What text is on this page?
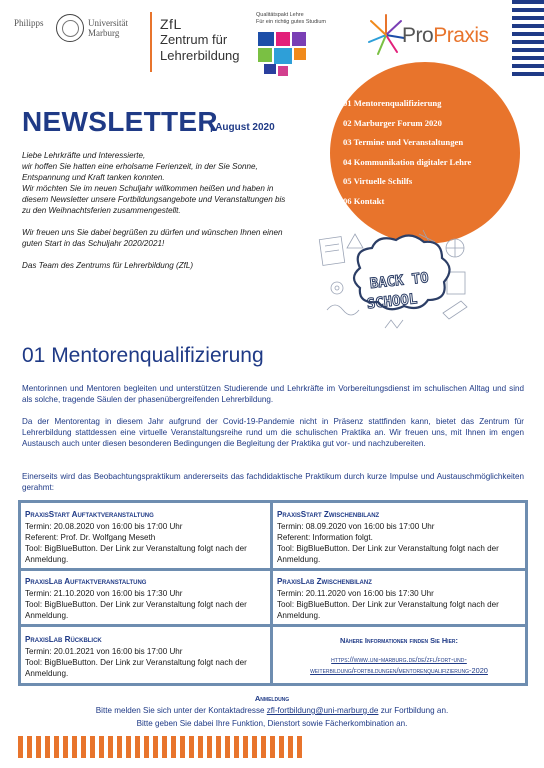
Philipps	Universität
Marburg
ZfL
Zentrum für
Lehrerbildung
Qualitätspakt Lehre
Für ein richtig gutes Studium
ProPraxis
NEWSLETTER
| August 2020

Liebe Lehrkräfte und Interessierte,
wir hoffen Sie hatten eine erholsame Ferienzeit, in der Sie Sonne,
Entspannung und Kraft tanken konnten.
Wir möchten Sie im neuen Schuljahr willkommen heißen und haben in
diesem Newsletter unsere Fortbildungsangebote und Veranstaltungen bis
zu den Weihnachtsferien zusammengestellt.

Wir freuen uns Sie dabei begrüßen zu dürfen und wünschen Ihnen einen
guten Start in das Schuljahr 2020/2021!

Das Team des Zentrums für Lehrerbildung (ZfL)

01 Mentorenqualifizierung
02 Marburger Forum 2020
03 Termine und Veranstaltungen
04 Kommunikation digitaler Lehre
05 Virtuelle Schilfs
06 Kontakt
BACK TO
SCHOOL
01 Mentorenqualifizierung
Mentorinnen und Mentoren begleiten und unterstützen Studierende und Lehrkräfte im Vorbereitungsdienst im schulischen Alltag und sind als solche, tragende Säulen der phasenübergreifenden Lehrerbildung.
Da der Mentorentag in diesem Jahr aufgrund der Covid-19-Pandemie nicht in Präsenz stattfinden kann, bietet das Zentrum für Lehrerbildung stattdessen eine virtuelle Veranstaltungsreihe rund um die schulischen Praktika an. Wir freuen uns, mit Ihnen im engen Austausch auch unter diesen besonderen Bedingungen die Begleitung der Praktika gut vor- und nachzubereiten.
Einerseits wird das Beobachtungspraktikum andererseits das fachdidaktische Praktikum durch kurze Impulse und Austauschmöglichkeiten gerahmt:
PraxisStart Auftaktveranstaltung
Termin: 20.08.2020 von 16:00 bis 17:00 Uhr
Referent: Prof. Dr. Wolfgang Meseth
Tool: BigBlueButton. Der Link zur Veranstaltung folgt nach der
Anmeldung.
PraxisStart Zwischenbilanz
Termin: 08.09.2020 von 16:00 bis 17:00 Uhr
Referent: Information folgt.
Tool: BigBlueButton. Der Link zur Veranstaltung folgt nach der
Anmeldung.
PraxisLab Auftaktveranstaltung
Termin: 21.10.2020 von 16:00 bis 17:30 Uhr
Tool: BigBlueButton. Der Link zur Veranstaltung folgt nach der
Anmeldung.
PraxisLab Zwischenbilanz
Termin: 20.11.2020 von 16:00 bis 17:30 Uhr
Tool: BigBlueButton. Der Link zur Veranstaltung folgt nach der
Anmeldung.
PraxisLab Rückblick
Termin: 20.01.2021 von 16:00 bis 17:00 Uhr
Tool: BigBlueButton. Der Link zur Veranstaltung folgt nach der
Anmeldung.
Nähere Informationen finden Sie Hier:
https://www.uni-marburg.de/de/zfl/fort-und-
weiterbildung/fortbildungen/mentorenqualifizierung-2020
Anmeldung
Bitte melden Sie sich unter der Kontaktadresse zfl-fortbildung@uni-marburg.de zur Fortbildung an.
Bitte geben Sie dabei Ihre Funktion, Dienstort sowie Fächerkombination an.
